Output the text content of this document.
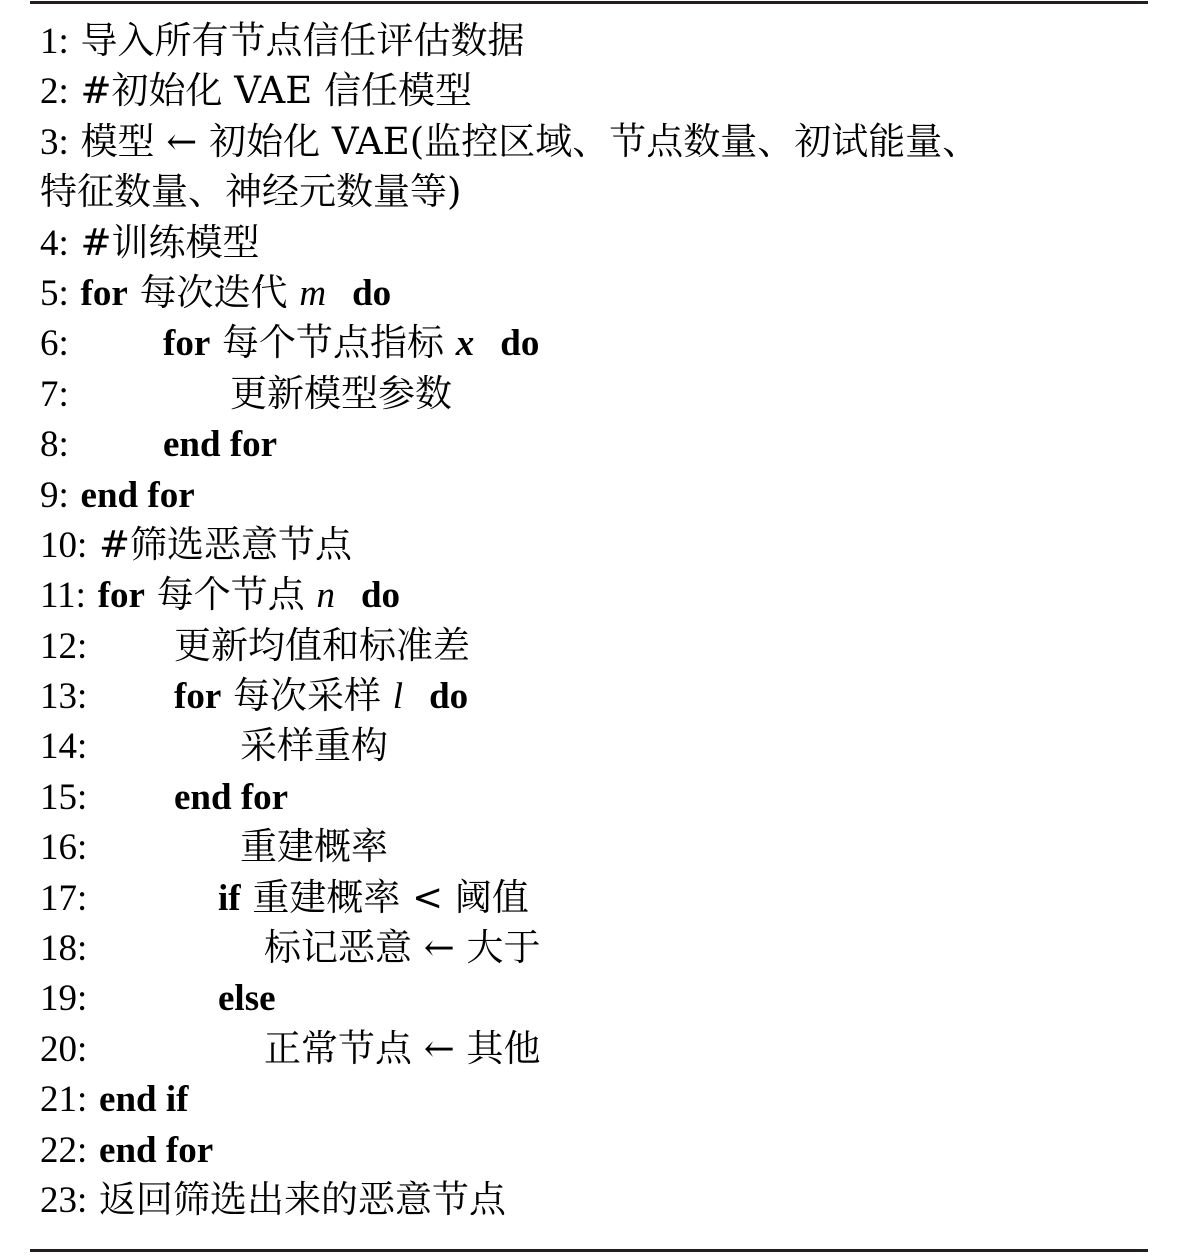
1: 导入所有节点信任评估数据
2: #初始化 VAE 信任模型
3: 模型 ← 初始化 VAE(监控区域、节点数量、初试能量、
特征数量、神经元数量等)
4: #训练模型
5: for 每次迭代 m do
6:	for 每个节点指标 x do
7:	更新模型参数
8:	end for
9: end for
10: #筛选恶意节点
11: for 每个节点 n do
12: 更新均值和标准差
13: for 每次采样 l do
14:	采样重构
15: end for
16:	重建概率
17:	if 重建概率 < 阈值
18:	标记恶意 ← 大于
19:	else
20:	正常节点 ← 其他
21: end if
22: end for
23: 返回筛选出来的恶意节点
